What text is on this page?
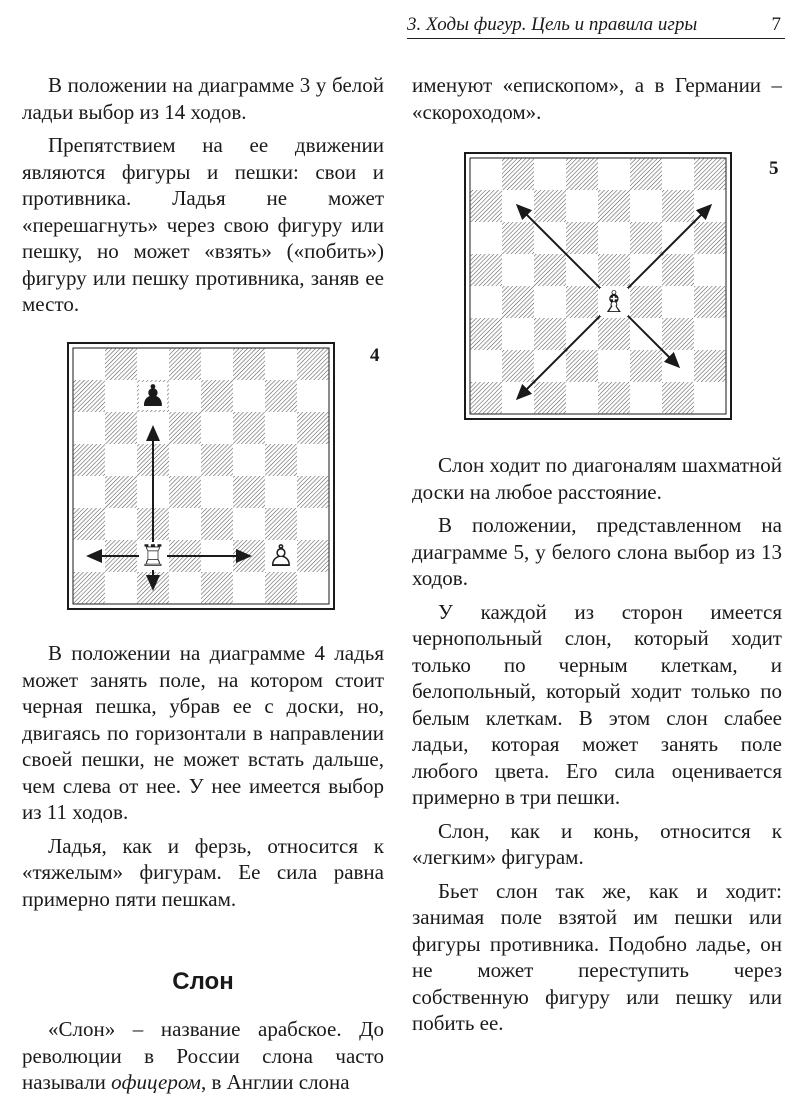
3. Ходы фигур. Цель и правила игры	7

В положении на диаграмме 3 у белой ладьи выбор из 14 ходов.

Препятствием на ее движении являются фигуры и пешки: свои и противника. Ладья не может «перешагнуть» через свою фигуру или пешку, но может «взять» («побить») фигуру или пешку противника, заняв ее место.

♖
♟
♙
4

В положении на диаграмме 4 ладья может занять поле, на котором стоит черная пешка, убрав ее с доски, но, двигаясь по горизонтали в направлении своей пешки, не может встать дальше, чем слева от нее. У нее имеется выбор из 11 ходов.

Ладья, как и ферзь, относится к «тяжелым» фигурам. Ее сила равна примерно пяти пешкам.

Слон

«Слон» – название арабское. До революции в России слона часто называли офицером, в Англии слона

именуют «епископом», а в Германии – «скороходом».

♗
5

Слон ходит по диагоналям шахматной доски на любое расстояние.

В положении, представленном на диаграмме 5, у белого слона выбор из 13 ходов.

У каждой из сторон имеется чернопольный слон, который ходит только по черным клеткам, и белопольный, который ходит только по белым клеткам. В этом слон слабее ладьи, которая может занять поле любого цвета. Его сила оценивается примерно в три пешки.

Слон, как и конь, относится к «легким» фигурам.

Бьет слон так же, как и ходит: занимая поле взятой им пешки или фигуры противника. Подобно ладье, он не может переступить через собственную фигуру или пешку или побить ее.
